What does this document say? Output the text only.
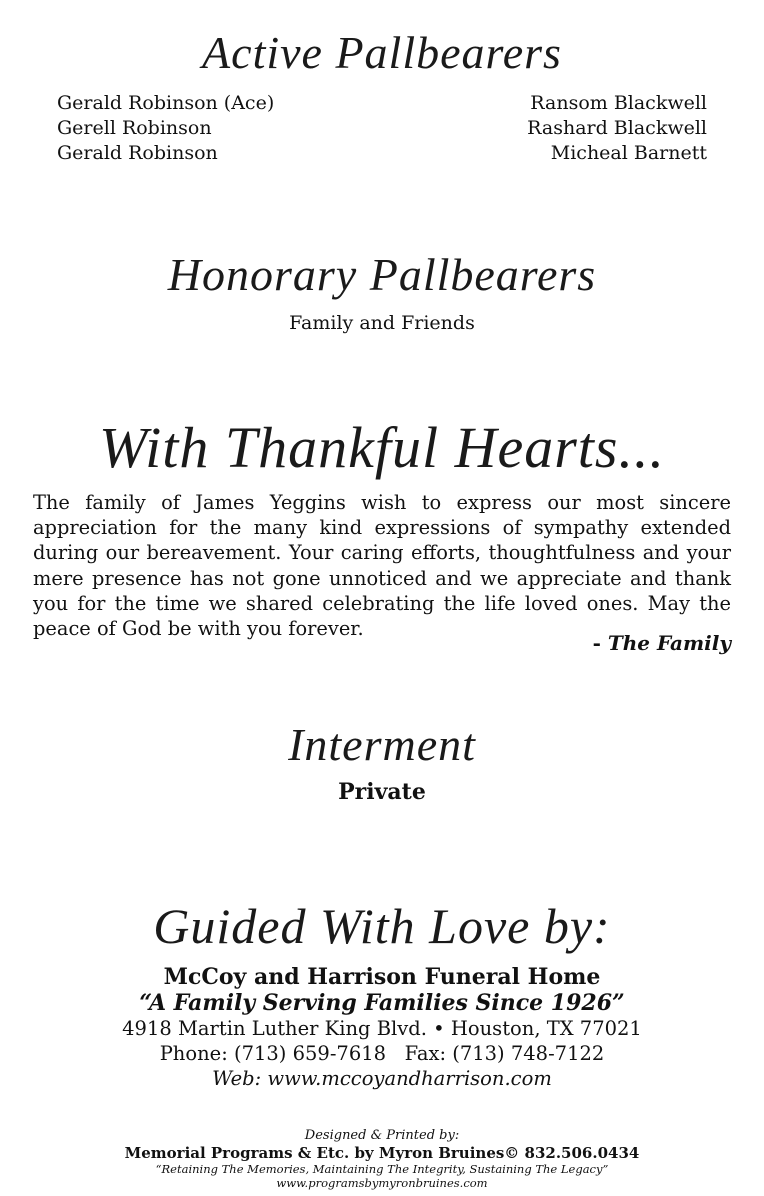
Active Pallbearers
Gerald Robinson (Ace)
Gerell Robinson
Gerald Robinson
Ransom Blackwell
Rashard Blackwell
Micheal Barnett
Honorary Pallbearers
Family and Friends
With Thankful Hearts...
The family of James Yeggins wish to express our most sincere appreciation for the many kind expressions of sympathy extended during our bereavement. Your caring efforts, thoughtfulness and your mere presence has not gone unnoticed and we appreciate and thank you for the time we shared celebrating the life loved ones. May the peace of God be with you forever.
- The Family
Interment
Private
Guided With Love by:
McCoy and Harrison Funeral Home
“A Family Serving Families Since 1926”
4918 Martin Luther King Blvd. • Houston, TX 77021
Phone: (713) 659-7618   Fax: (713) 748-7122
Web: www.mccoyandharrison.com
Designed & Printed by:
Memorial Programs & Etc. by Myron Bruines© 832.506.0434
“Retaining The Memories, Maintaining The Integrity, Sustaining The Legacy”
www.programsbymyronbruines.com
